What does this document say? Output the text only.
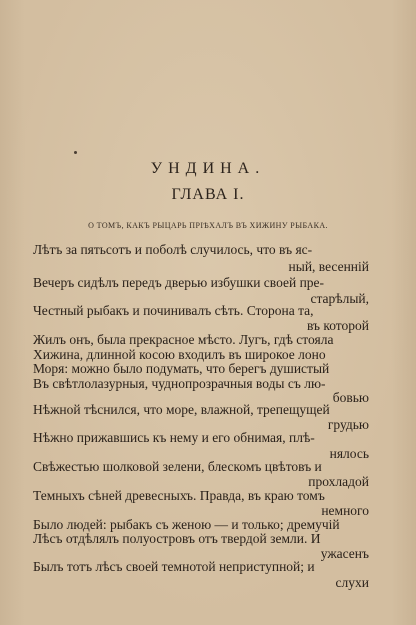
УНДИНА.
ГЛАВА I.
О ТОМЪ, КАКЪ РЫЦАРЬ ПРІѢХАЛЪ ВЪ ХИЖИНУ РЫБАКА.
Лѣтъ за пятьсотъ и поболѣ случилось, что въ яс-
ный, весенній
Вечеръ сидѣлъ передъ дверью избушки своей пре-
старѣлый,
Честный рыбакъ и починивалъ сѣть. Сторона та,
въ которой
Жилъ онъ, была прекрасное мѣсто. Лугъ, гдѣ стояла
Хижина, длинной косою входилъ въ широкое лоно
Моря: можно было подумать, что берегъ душистый
Въ свѣтлолазурныя, чуднопрозрачныя воды съ лю-
бовью
Нѣжной тѣснился, что море, влажной, трепещущей
грудью
Нѣжно прижавшись къ нему и его обнимая, плѣ-
нялось
Свѣжестью шолковой зелени, блескомъ цвѣтовъ и
прохладой
Темныхъ сѣней древесныхъ. Правда, въ краю томъ
немного
Было людей: рыбакъ съ женою — и только; дремучій
Лѣсъ отдѣлялъ полуостровъ отъ твердой земли. И
ужасенъ
Былъ тотъ лѣсъ своей темнотой неприступной; и
слухи
